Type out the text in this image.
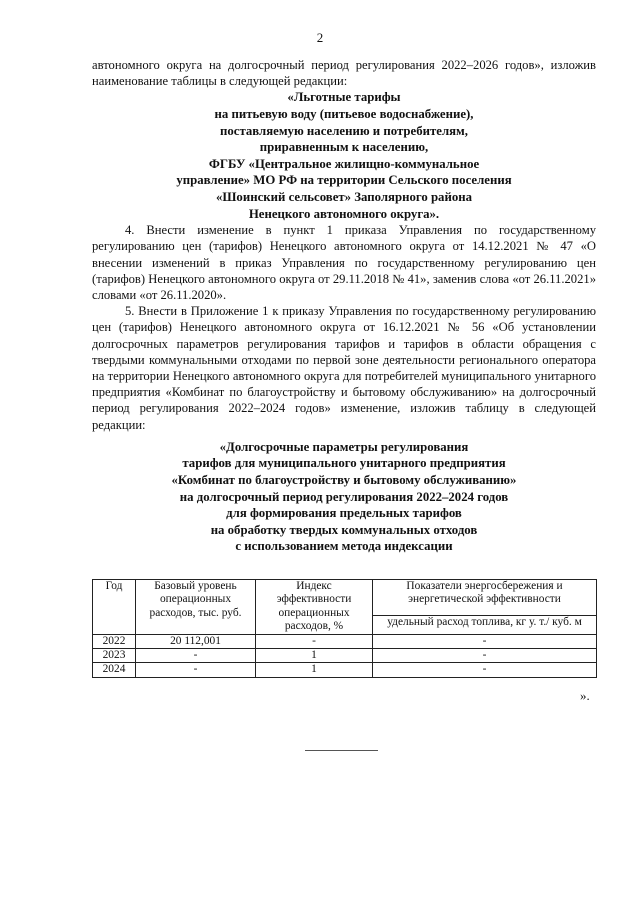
2

автономного округа на долгосрочный период регулирования 2022–2026 годов», изложив наименование таблицы в следующей редакции:

«Льготные тарифы

на питьевую воду (питьевое водоснабжение),

поставляемую населению и потребителям,

приравненным к населению,

ФГБУ «Центральное жилищно-коммунальное

управление» МО РФ на территории Сельского поселения

«Шоинский сельсовет» Заполярного района

Ненецкого автономного округа».

4. Внести изменение в пункт 1 приказа Управления по государственному регулированию цен (тарифов) Ненецкого автономного округа от 14.12.2021 № 47 «О внесении изменений в приказ Управления по государственному регулированию цен (тарифов) Ненецкого автономного округа от 29.11.2018 № 41», заменив слова «от 26.11.2021» словами «от 26.11.2020».

5. Внести в Приложение 1 к приказу Управления по государственному регулированию цен (тарифов) Ненецкого автономного округа от 16.12.2021 № 56 «Об установлении долгосрочных параметров регулирования тарифов и тарифов в области обращения с твердыми коммунальными отходами по первой зоне деятельности регионального оператора на территории Ненецкого автономного округа для потребителей муниципального унитарного предприятия «Комбинат по благоустройству и бытовому обслуживанию» на долгосрочный период регулирования 2022–2024 годов» изменение, изложив таблицу в следующей редакции:

«Долгосрочные параметры регулирования

тарифов для муниципального унитарного предприятия

«Комбинат по благоустройству и бытовому обслуживанию»

на долгосрочный период регулирования 2022–2024 годов

для формирования предельных тарифов

на обработку твердых коммунальных отходов

с использованием метода индексации

Год	Базовый уровень операционных расходов, тыс. руб.	Индекс эффективности операционных расходов, %	Показатели энергосбережения и энергетической эффективности
			удельный расход топлива, кг у. т./ куб. м
2022	20 112,001	-	-
2023	-	1	-
2024	-	1	-
».
